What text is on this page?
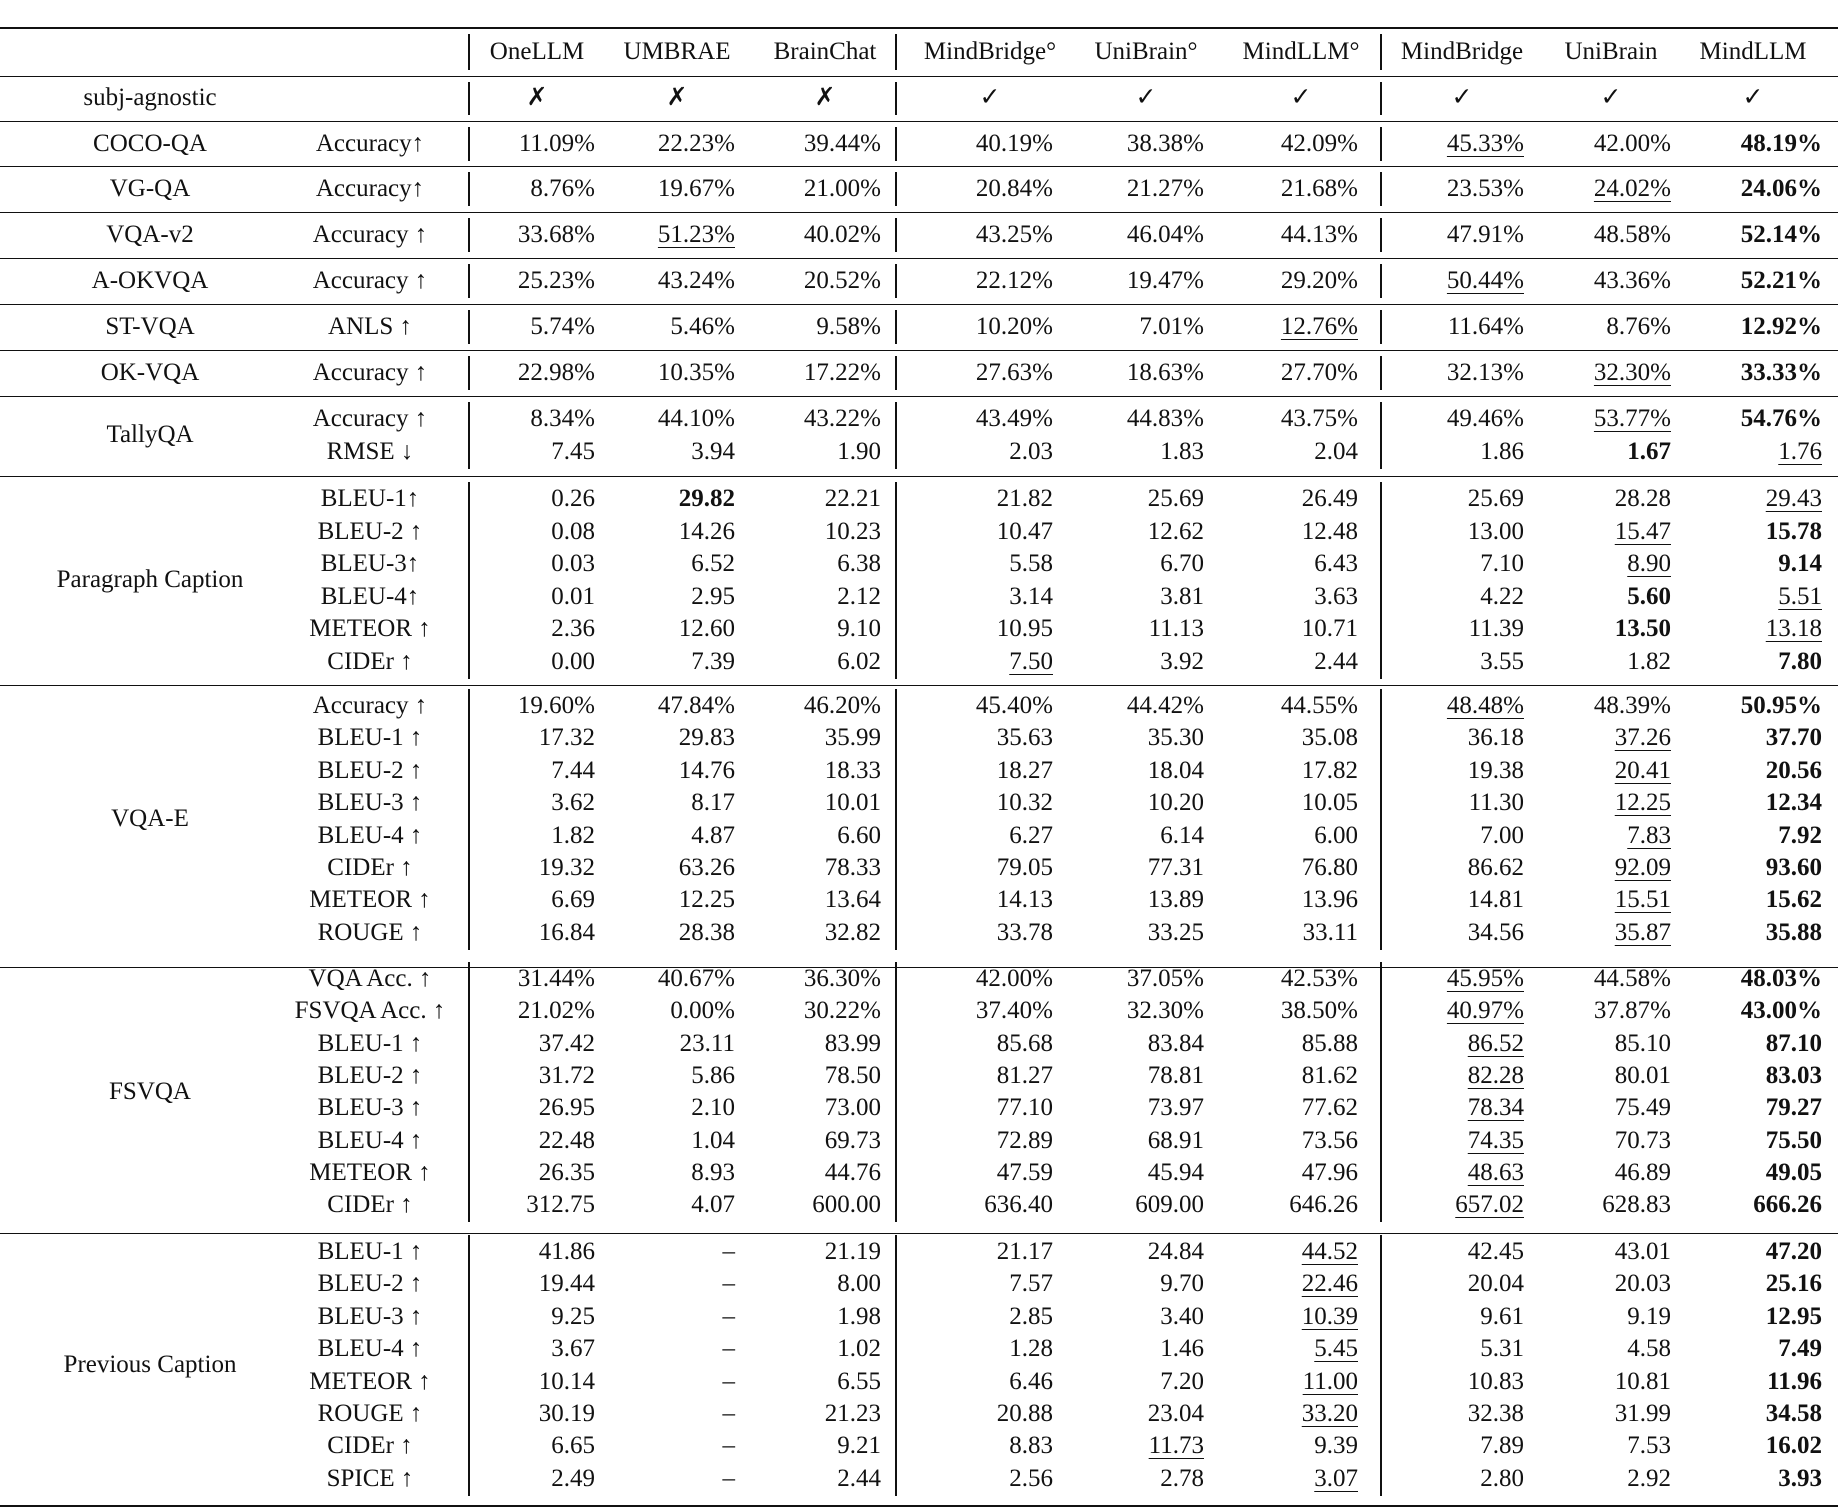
OneLLM UMBRAE BrainChat MindBridge° UniBrain° MindLLM° MindBridge UniBrain MindLLM
subj-agnostic	✗	✗	✗	✓	✓	✓	✓	✓	✓
COCO-QA	Accuracy↑	11.09%	22.23%	39.44%	40.19%	38.38%	42.09%	45.33%	42.00%	48.19%
VG-QA	Accuracy↑	8.76%	19.67%	21.00%	20.84%	21.27%	21.68%	23.53%	24.02%	24.06%
VQA-v2	Accuracy ↑	33.68%	51.23%	40.02%	43.25%	46.04%	44.13%	47.91%	48.58%	52.14%
A-OKVQA	Accuracy ↑	25.23%	43.24%	20.52%	22.12%	19.47%	29.20%	50.44%	43.36%	52.21%
ST-VQA	ANLS ↑	5.74%	5.46%	9.58%	10.20%	7.01%	12.76%	11.64%	8.76%	12.92%
OK-VQA	Accuracy ↑	22.98%	10.35%	17.22%	27.63%	18.63%	27.70%	32.13%	32.30%	33.33%
TallyQA
Accuracy ↑	8.34%	44.10%	43.22%	43.49%	44.83%	43.75%	49.46%	53.77%	54.76%
RMSE ↓	7.45	3.94	1.90	2.03	1.83	2.04	1.86	1.67	1.76
Paragraph Caption
BLEU-1↑	0.26	29.82	22.21	21.82	25.69	26.49	25.69	28.28	29.43
BLEU-2 ↑	0.08	14.26	10.23	10.47	12.62	12.48	13.00	15.47	15.78
BLEU-3↑	0.03	6.52	6.38	5.58	6.70	6.43	7.10	8.90	9.14
BLEU-4↑	0.01	2.95	2.12	3.14	3.81	3.63	4.22	5.60	5.51
METEOR ↑	2.36	12.60	9.10	10.95	11.13	10.71	11.39	13.50	13.18
CIDEr ↑	0.00	7.39	6.02	7.50	3.92	2.44	3.55	1.82	7.80
VQA-E
Accuracy ↑	19.60%	47.84%	46.20%	45.40%	44.42%	44.55%	48.48%	48.39%	50.95%
BLEU-1 ↑	17.32	29.83	35.99	35.63	35.30	35.08	36.18	37.26	37.70
BLEU-2 ↑	7.44	14.76	18.33	18.27	18.04	17.82	19.38	20.41	20.56
BLEU-3 ↑	3.62	8.17	10.01	10.32	10.20	10.05	11.30	12.25	12.34
BLEU-4 ↑	1.82	4.87	6.60	6.27	6.14	6.00	7.00	7.83	7.92
CIDEr ↑	19.32	63.26	78.33	79.05	77.31	76.80	86.62	92.09	93.60
METEOR ↑	6.69	12.25	13.64	14.13	13.89	13.96	14.81	15.51	15.62
ROUGE ↑	16.84	28.38	32.82	33.78	33.25	33.11	34.56	35.87	35.88
FSVQA
VQA Acc. ↑	31.44%	40.67%	36.30%	42.00%	37.05%	42.53%	45.95%	44.58%	48.03%
FSVQA Acc. ↑	21.02%	0.00%	30.22%	37.40%	32.30%	38.50%	40.97%	37.87%	43.00%
BLEU-1 ↑	37.42	23.11	83.99	85.68	83.84	85.88	86.52	85.10	87.10
BLEU-2 ↑	31.72	5.86	78.50	81.27	78.81	81.62	82.28	80.01	83.03
BLEU-3 ↑	26.95	2.10	73.00	77.10	73.97	77.62	78.34	75.49	79.27
BLEU-4 ↑	22.48	1.04	69.73	72.89	68.91	73.56	74.35	70.73	75.50
METEOR ↑	26.35	8.93	44.76	47.59	45.94	47.96	48.63	46.89	49.05
CIDEr ↑	312.75	4.07	600.00	636.40	609.00	646.26	657.02	628.83	666.26
Previous Caption
BLEU-1 ↑	41.86	–	21.19	21.17	24.84	44.52	42.45	43.01	47.20
BLEU-2 ↑	19.44	–	8.00	7.57	9.70	22.46	20.04	20.03	25.16
BLEU-3 ↑	9.25	–	1.98	2.85	3.40	10.39	9.61	9.19	12.95
BLEU-4 ↑	3.67	–	1.02	1.28	1.46	5.45	5.31	4.58	7.49
METEOR ↑	10.14	–	6.55	6.46	7.20	11.00	10.83	10.81	11.96
ROUGE ↑	30.19	–	21.23	20.88	23.04	33.20	32.38	31.99	34.58
CIDEr ↑	6.65	–	9.21	8.83	11.73	9.39	7.89	7.53	16.02
SPICE ↑	2.49	–	2.44	2.56	2.78	3.07	2.80	2.92	3.93
